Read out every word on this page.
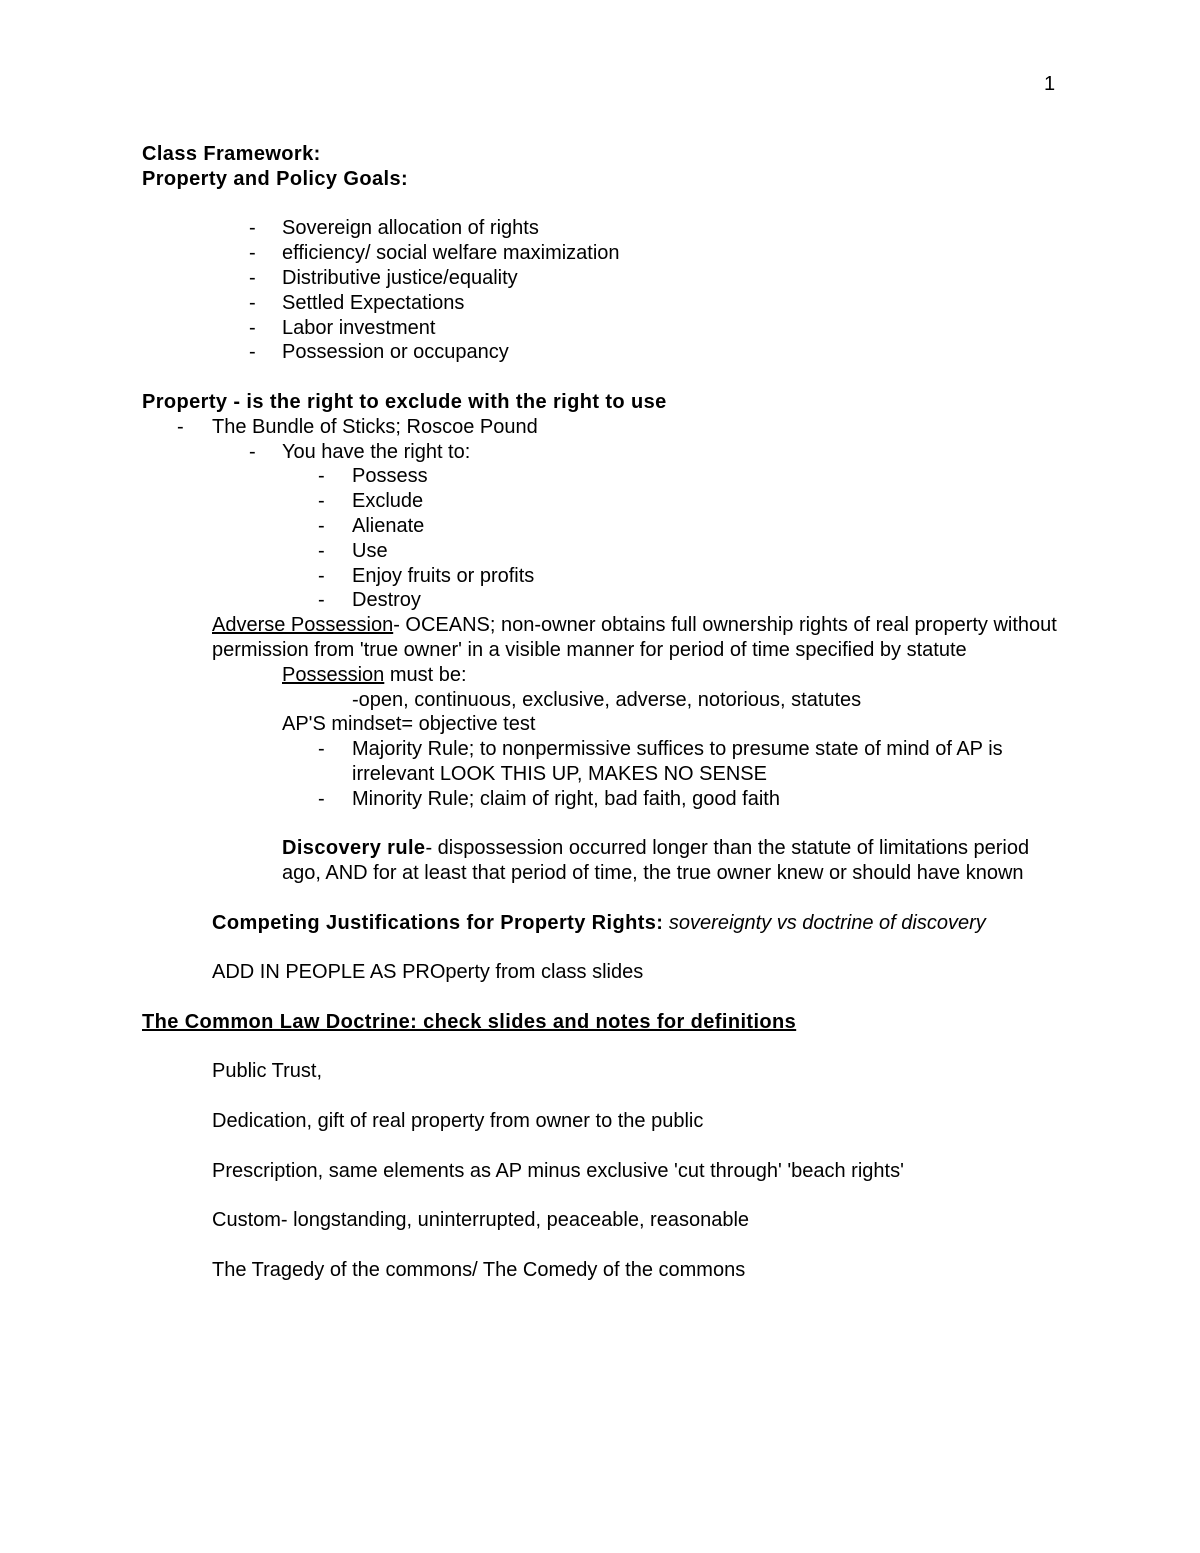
1
Class Framework:
Property and Policy Goals:
- Sovereign allocation of rights
- efficiency/ social welfare maximization
- Distributive justice/equality
- Settled Expectations
- Labor investment
- Possession or occupancy
Property - is the right to exclude with the right to use
- The Bundle of Sticks; Roscoe Pound
- You have the right to:
- Possess
- Exclude
- Alienate
- Use
- Enjoy fruits or profits
- Destroy
Adverse Possession- OCEANS; non-owner obtains full ownership rights of real property without permission from 'true owner' in a visible manner for period of time specified by statute
Possession must be:
-open, continuous, exclusive, adverse, notorious, statutes
AP'S mindset= objective test
- Majority Rule; to nonpermissive suffices to presume state of mind of AP is irrelevant LOOK THIS UP, MAKES NO SENSE
- Minority Rule; claim of right, bad faith, good faith
Discovery rule- dispossession occurred longer than the statute of limitations period ago, AND for at least that period of time, the true owner knew or should have known
Competing Justifications for Property Rights: sovereignty vs doctrine of discovery
ADD IN PEOPLE AS PROperty from class slides
The Common Law Doctrine: check slides and notes for definitions
Public Trust,
Dedication, gift of real property from owner to the public
Prescription, same elements as AP minus exclusive 'cut through' 'beach rights'
Custom- longstanding, uninterrupted, peaceable, reasonable
The Tragedy of the commons/ The Comedy of the commons
